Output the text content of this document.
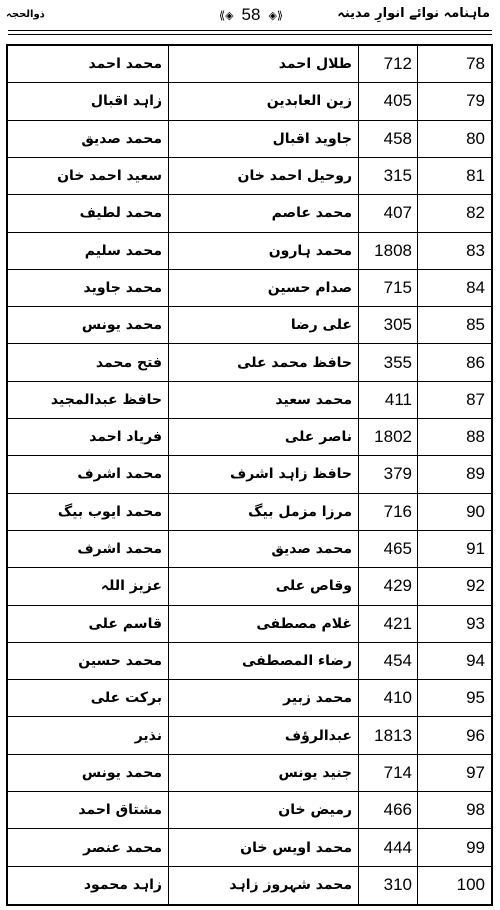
ماہنامہ نوائے انوارِ مدینہ
⟪◈ 58 ◈⟫
ذوالحجہ
78
712
طلال احمد
محمد احمد
79
405
زین العابدین
زاہد اقبال
80
458
جاوید اقبال
محمد صدیق
81
315
روحیل احمد خان
سعید احمد خان
82
407
محمد عاصم
محمد لطیف
83
1808
محمد ہارون
محمد سلیم
84
715
صدام حسین
محمد جاوید
85
305
علی رضا
محمد یونس
86
355
حافظ محمد علی
فتح محمد
87
411
محمد سعید
حافظ عبدالمجید
88
1802
ناصر علی
فریاد احمد
89
379
حافظ زاہد اشرف
محمد اشرف
90
716
مرزا مزمل بیگ
محمد ایوب بیگ
91
465
محمد صدیق
محمد اشرف
92
429
وقاص علی
عزیز اللہ
93
421
غلام مصطفی
قاسم علی
94
454
رضاء المصطفی
محمد حسین
95
410
محمد زبیر
برکت علی
96
1813
عبدالرؤف
نذیر
97
714
جنید یونس
محمد یونس
98
466
رمیض خان
مشتاق احمد
99
444
محمد اویس خان
محمد عنصر
100
310
محمد شہروز زاہد
زاہد محمود
